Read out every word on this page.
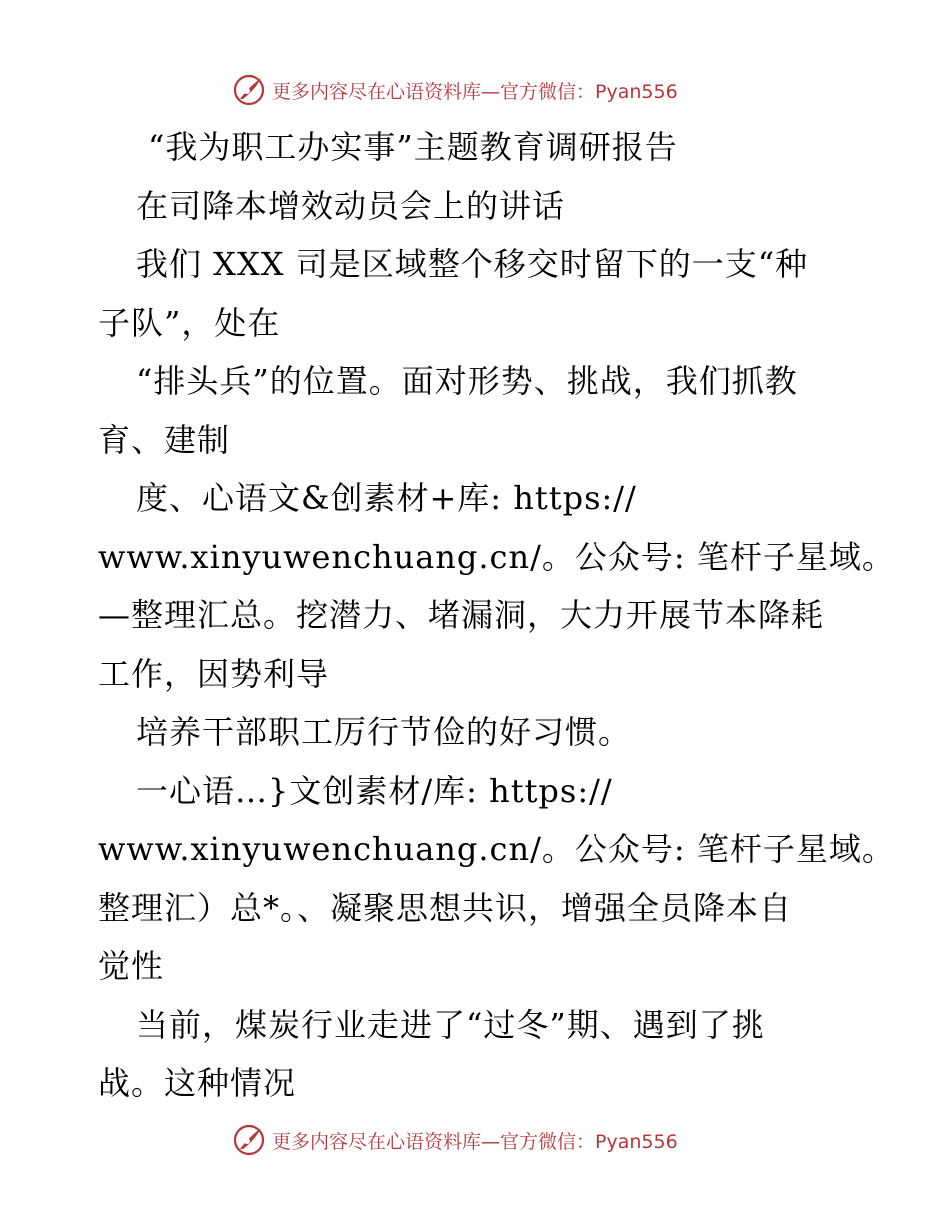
更多内容尽在心语资料库—官方微信：Pyan556
“我为职工办实事”主题教育调研报告
在司降本增效动员会上的讲话
我们 XXX 司是区域整个移交时留下的一支“种
子队”，处在
“排头兵”的位置。面对形势、挑战，我们抓教
育、建制
度、心语文&创素材+库: https://
www.xinyuwenchuang.cn/。公众号: 笔杆子星域。
—整理汇总。挖潜力、堵漏洞，大力开展节本降耗
工作，因势利导
培养干部职工厉行节俭的好习惯。
一心语…}文创素材/库: https://
www.xinyuwenchuang.cn/。公众号: 笔杆子星域。
整理汇）总*。、凝聚思想共识，增强全员降本自
觉性
当前，煤炭行业走进了“过冬”期、遇到了挑
战。这种情况
更多内容尽在心语资料库—官方微信：Pyan556
